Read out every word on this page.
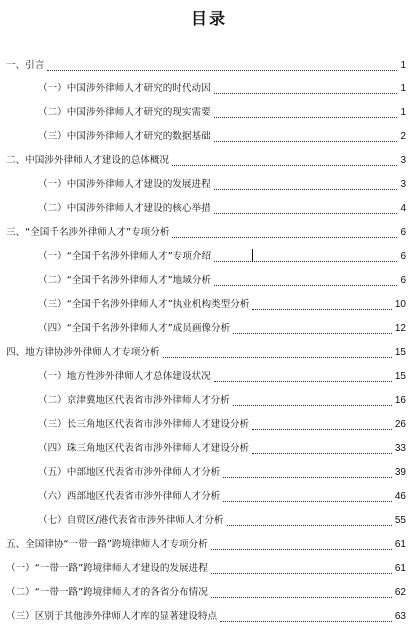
目录
一、引言	1
（一）中国涉外律师人才研究的时代动因	1
（二）中国涉外律师人才研究的现实需要	1
（三）中国涉外律师人才研究的数据基础	2
二、中国涉外律师人才建设的总体概况	3
（一）中国涉外律师人才建设的发展进程	3
（二）中国涉外律师人才建设的核心举措	4
三、“全国千名涉外律师人才”专项分析	6
（一）“全国千名涉外律师人才”专项介绍	6
（二）“全国千名涉外律师人才”地域分析	6
（三）“全国千名涉外律师人才”执业机构类型分析	10
（四）“全国千名涉外律师人才”成员画像分析	12
四、地方律协涉外律师人才专项分析	15
（一）地方性涉外律师人才总体建设状况	15
（二）京津冀地区代表省市涉外律师人才分析	16
（三）长三角地区代表省市涉外律师人才建设分析	26
（四）珠三角地区代表省市涉外律师人才建设分析	33
（五）中部地区代表省市涉外律师人才分析	39
（六）西部地区代表省市涉外律师人才分析	46
（七）自贸区/港代表省市涉外律师人才分析	55
五、全国律协“一带一路”跨境律师人才专项分析	61
（一）“一带一路”跨境律师人才建设的发展进程	61
（二）“一带一路”跨境律师人才的各省分布情况	62
（三）区别于其他涉外律师人才库的显著建设特点	63
